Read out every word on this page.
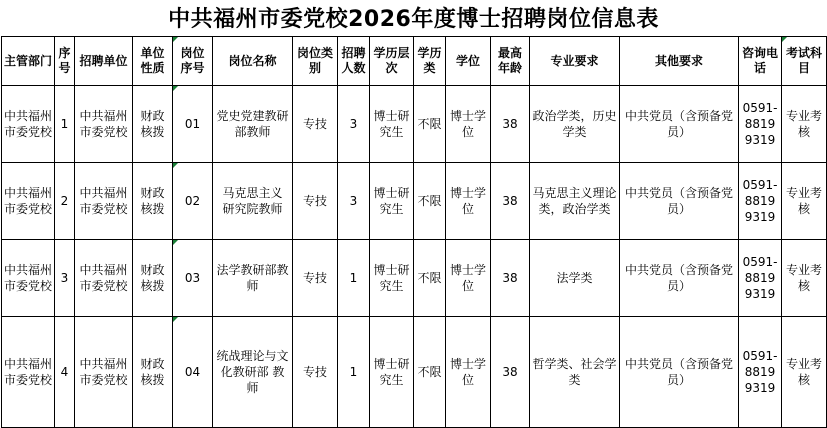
中共福州市委党校2026年度博士招聘岗位信息表
主管部门	序号	招聘单位	单位性质	岗位序号	岗位名称	岗位类别	招聘人数	学历层次	学历类	学位	最高年龄	专业要求	其他要求	咨询电话	考试科目
中共福州市委党校	1	中共福州市委党校	财政核拨	01	党史党建教研部教师	专技	3	博士研究生	不限	博士学位	38	政治学类，历史学类	中共党员（含预备党员）	0591-88199319	专业考核
中共福州市委党校	2	中共福州市委党校	财政核拨	02	马克思主义 研究院教师	专技	3	博士研究生	不限	博士学位	38	马克思主义理论类，政治学类	中共党员（含预备党员）	0591-88199319	专业考核
中共福州市委党校	3	中共福州市委党校	财政核拨	03	法学教研部教师	专技	1	博士研究生	不限	博士学位	38	法学类	中共党员（含预备党员）	0591-88199319	专业考核
中共福州市委党校	4	中共福州市委党校	财政核拨	04	统战理论与文化教研部 教师	专技	1	博士研究生	不限	博士学位	38	哲学类、社会学类	中共党员（含预备党员）	0591-88199319	专业考核
